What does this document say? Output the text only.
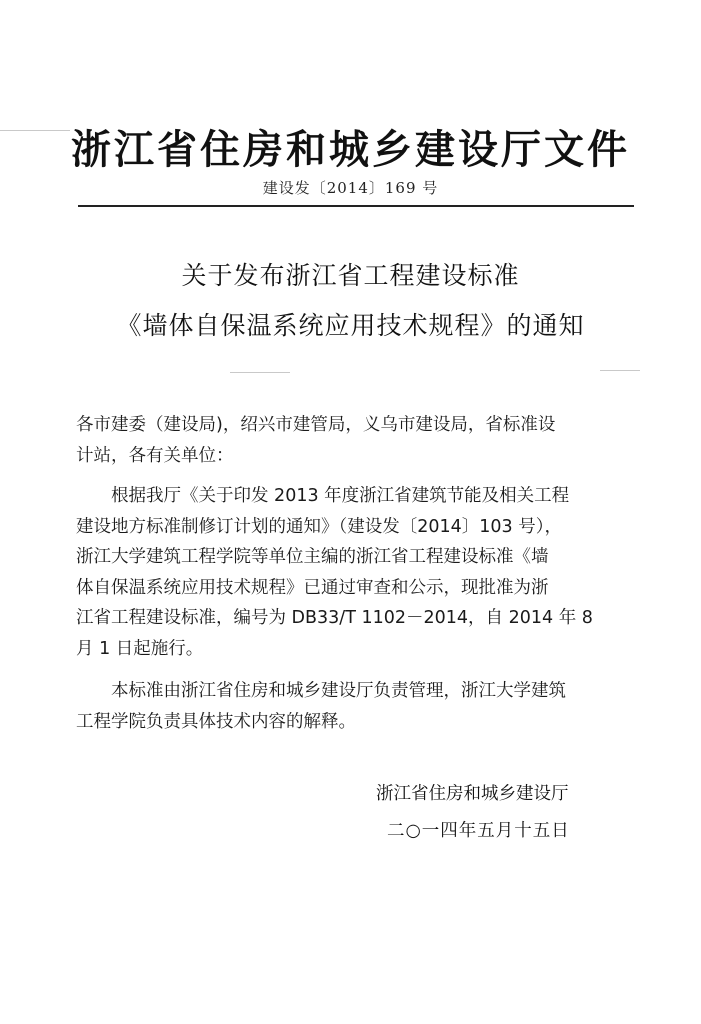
浙江省住房和城乡建设厅文件
建设发〔2014〕169 号
关于发布浙江省工程建设标准
《墙体自保温系统应用技术规程》的通知
各市建委（建设局)，绍兴市建管局，义乌市建设局，省标准设
计站，各有关单位：
根据我厅《关于印发 2013 年度浙江省建筑节能及相关工程
建设地方标准制修订计划的通知》（建设发〔2014〕103 号），
浙江大学建筑工程学院等单位主编的浙江省工程建设标准《墙
体自保温系统应用技术规程》已通过审查和公示，现批准为浙
江省工程建设标准，编号为 DB33/T 1102－2014，自 2014 年 8
月 1 日起施行。
本标准由浙江省住房和城乡建设厅负责管理，浙江大学建筑
工程学院负责具体技术内容的解释。
浙江省住房和城乡建设厅
二○一四年五月十五日
